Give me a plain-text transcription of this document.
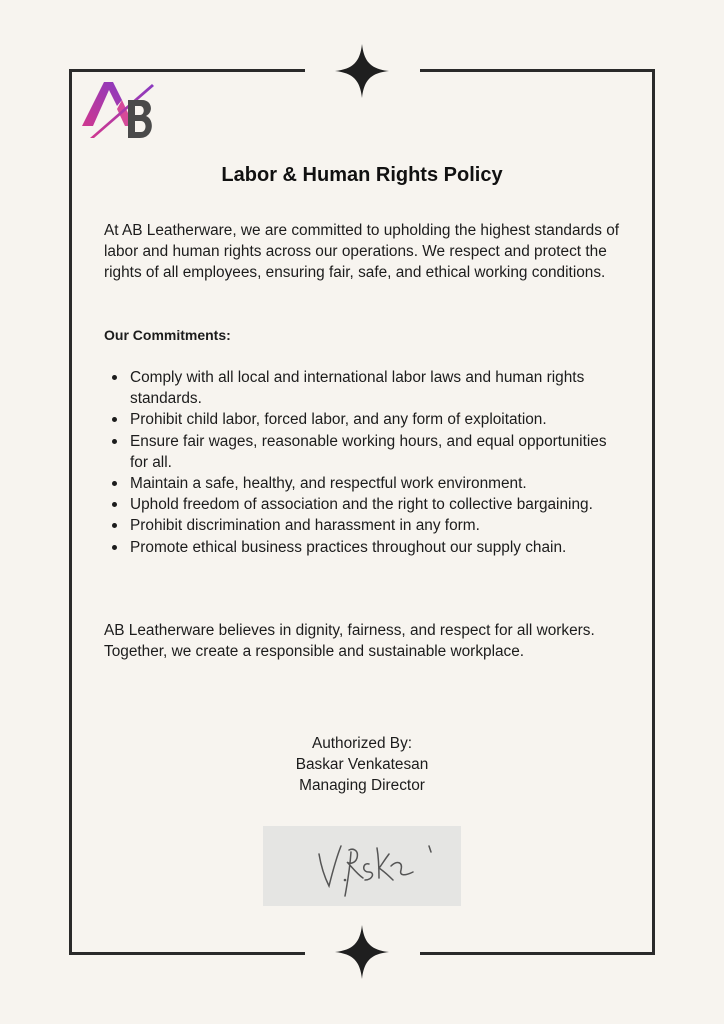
Labor & Human Rights Policy
At AB Leatherware, we are committed to upholding the highest standards of labor and human rights across our operations. We respect and protect the rights of all employees, ensuring fair, safe, and ethical working conditions.
Our Commitments:
Comply with all local and international labor laws and human rights standards.
Prohibit child labor, forced labor, and any form of exploitation.
Ensure fair wages, reasonable working hours, and equal opportunities for all.
Maintain a safe, healthy, and respectful work environment.
Uphold freedom of association and the right to collective bargaining.
Prohibit discrimination and harassment in any form.
Promote ethical business practices throughout our supply chain.
AB Leatherware believes in dignity, fairness, and respect for all workers. Together, we create a responsible and sustainable workplace.
Authorized By:
Baskar Venkatesan
Managing Director
